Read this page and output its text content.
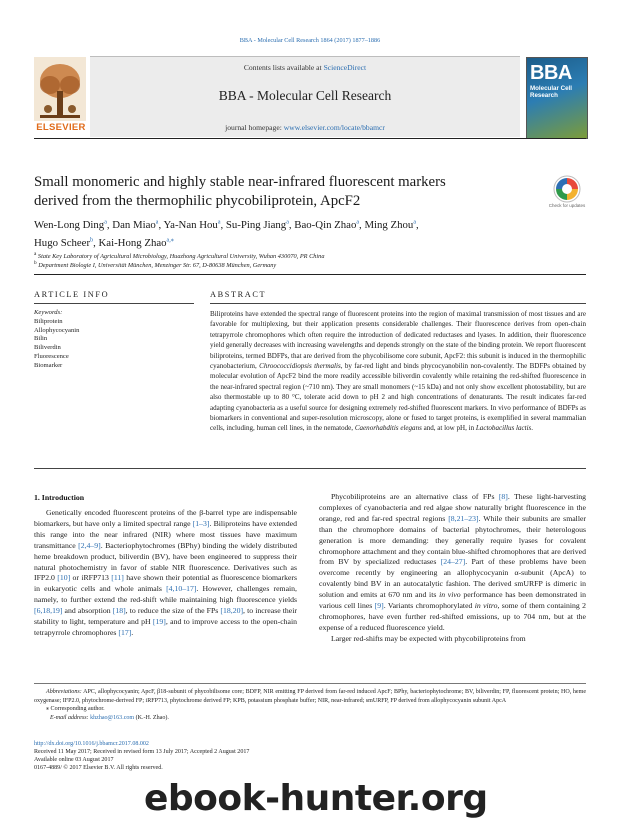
BBA - Molecular Cell Research 1864 (2017) 1877–1886
Contents lists available at ScienceDirect
BBA - Molecular Cell Research
journal homepage: www.elsevier.com/locate/bbamcr
ELSEVIER
BBA
Molecular Cell Research
Small monomeric and highly stable near-infrared fluorescent markers
derived from the thermophilic phycobiliprotein, ApcF2	Check for updates
Wen-Long Ding$^a$, Dan Miao$^a$, Ya-Nan Hou$^a$, Su-Ping Jiang$^a$, Bao-Qin Zhao$^a$, Ming Zhou$^a$,
Hugo Scheer$^b$, Kai-Hong Zhao$^{a,⁎}$
$^a$ State Key Laboratory of Agricultural Microbiology, Huazhong Agricultural University, Wuhan 430070, PR China
$^b$ Department Biologie I, Universität München, Menzinger Str. 67, D-80638 München, Germany
ARTICLE INFO	ABSTRACT
Keywords:
Biliprotein
Allophycocyanin
Bilin
Biliverdin
Fluorescence
Biomarker
Biliproteins have extended the spectral range of fluorescent proteins into the region of maximal transmission of most tissues and are favorable for multiplexing, but their application presents considerable challenges. Their fluorescence derives from open-chain tetrapyrrole chromophores which often require the introduction of dedicated reductases and lyases. In addition, their fluorescence yield generally decreases with increasing wavelengths and depends strongly on the state of the binding protein. We report fluorescent biliproteins, termed BDFPs, that are derived from the phycobilisome core subunit, ApcF2: this subunit is induced in the thermophilic cyanobacterium, Chroococcidiopsis thermalis, by far-red light and binds phycocyanobilin non-covalently. The BDFPs obtained by molecular evolution of ApcF2 bind the more readily accessible biliverdin covalently while retaining the red-shifted fluorescence in the near-infrared spectral region (~710 nm). They are small monomers (~15 kDa) and not only show excellent photostability, but are also thermostable up to 80 °C, tolerate acid down to pH 2 and high concentrations of denaturants. The result indicates far-red adapting cyanobacteria as a useful source for designing extremely red-shifted fluorescent markers. In vivo performance of BDFPs as biomarkers in conventional and super-resolution microscopy, alone or fused to target proteins, is exemplified in several mammalian cells, including, human cell lines, in the nematode, Caenorhabditis elegans and, at low pH, in Lactobacillus lactis.
1. Introduction

Genetically encoded fluorescent proteins of the β-barrel type are indispensable biomarkers, but have only a limited spectral range [1–3]. Biliproteins have extended this range into the near infrared (NIR) where most tissues have maximum transmittance [2,4–9]. Bacteriophytochromes (BPhy) binding the widely distributed heme breakdown product, biliverdin (BV), have been engineered to suppress their natural photochemistry in favor of stable NIR fluorescence. Derivatives such as IFP2.0 [10] or iRFP713 [11] have shown their potential as fluorescence biomarkers in eukaryotic cells and whole animals [4,10–17]. However, challenges remain, namely, to further extend the red-shift while maintaining high fluorescence yields [6,18,19] and absorption [18], to reduce the size of the FPs [18,20], to increase their stability to light, temperature and pH [19], and to improve access to the open-chain tetrapyrrole chromophores [17].

Phycobiliproteins are an alternative class of FPs [8]. These light-harvesting complexes of cyanobacteria and red algae show naturally bright fluorescence in the orange, red and far-red spectral regions [8,21–23]. While their subunits are smaller than the chromophore domains of bacterial phytochromes, their heterologous generation is more demanding: they generally require lyases for covalent chromophore attachment and they contain blue-shifted chromophores that are derived from BV by specialized reductases [24–27]. Part of these problems have been overcome recently by engineering an allophycocyanin α-subunit (ApcA) to covalently bind BV in an autocatalytic fashion. The derived smURFP is dimeric in solution and emits at 670 nm and its in vivo performance has been demonstrated in various cell lines [9]. Variants chromophorylated in vitro, some of them containing 2 chromophores, have even further red-shifted emissions, up to 704 nm, but at the expense of a reduced fluorescence yield.

Larger red-shifts may be expected with phycobiliproteins from

Abbreviations: APC, allophycocyanin; ApcF, β18-subunit of phycobilisome core; BDFP, NIR emitting FP derived from far-red induced ApcF; BPhy, bacteriophytochrome; BV, biliverdin; FP, fluorescent protein; HO, heme oxygenase; IFP2.0, phytochrome-derived FP; iRFP713, phytochrome derived FP; KPB, potassium phosphate buffer; NIR, near-infrared; smURFP, FP derived from allophycocyanin subunit ApcA
⁎ Corresponding author.
E-mail address: khzhao@163.com (K.-H. Zhao).
http://dx.doi.org/10.1016/j.bbamcr.2017.08.002
Received 11 May 2017; Received in revised form 13 July 2017; Accepted 2 August 2017
Available online 03 August 2017
0167-4889/ © 2017 Elsevier B.V. All rights reserved.
ebook-hunter.org
